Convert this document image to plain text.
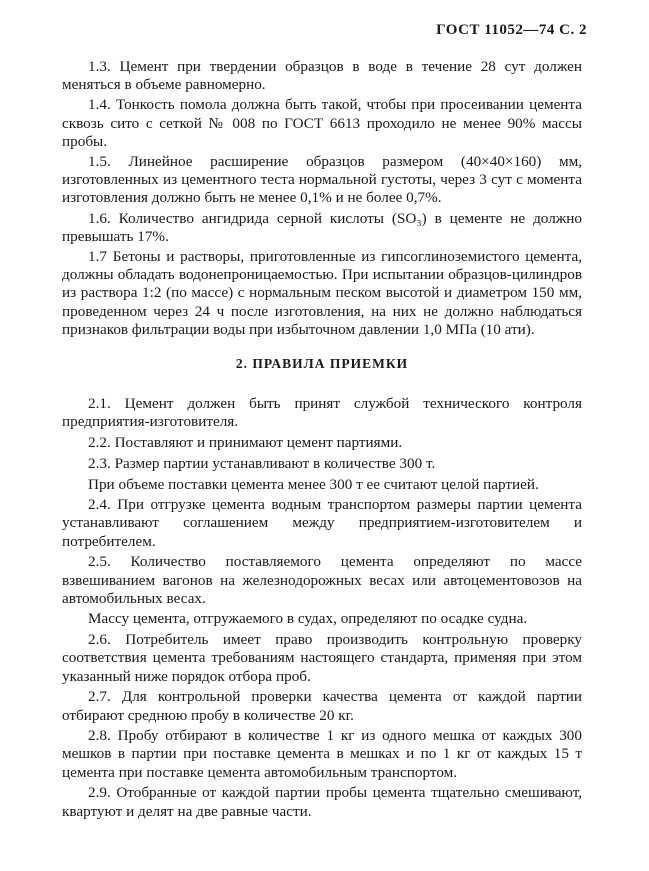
ГОСТ 11052—74 С. 2

1.3. Цемент при твердении образцов в воде в течение 28 сут должен меняться в объеме равномерно.

1.4. Тонкость помола должна быть такой, чтобы при просеивании цемента сквозь сито с сеткой № 008 по ГОСТ 6613 проходило не менее 90% массы пробы.

1.5. Линейное расширение образцов размером (40×40×160) мм, изготовленных из цементного теста нормальной густоты, через 3 сут с момента изготовления должно быть не менее 0,1% и не более 0,7%.

1.6. Количество ангидрида серной кислоты (SO₃) в цементе не должно превышать 17%.

1.7 Бетоны и растворы, приготовленные из гипсоглиноземистого цемента, должны обладать водонепроницаемостью. При испытании образцов-цилиндров из раствора 1:2 (по массе) с нормальным песком высотой и диаметром 150 мм, проведенном через 24 ч после изготовления, на них не должно наблюдаться признаков фильтрации воды при избыточном давлении 1,0 МПа (10 ати).

2. ПРАВИЛА ПРИЕМКИ

2.1. Цемент должен быть принят службой технического контроля предприятия-изготовителя.

2.2. Поставляют и принимают цемент партиями.

2.3. Размер партии устанавливают в количестве 300 т.

При объеме поставки цемента менее 300 т ее считают целой партией.

2.4. При отгрузке цемента водным транспортом размеры партии цемента устанавливают соглашением между предприятием-изготовителем и потребителем.

2.5. Количество поставляемого цемента определяют по массе взвешиванием вагонов на железнодорожных весах или автоцементовозов на автомобильных весах.

Массу цемента, отгружаемого в судах, определяют по осадке судна.

2.6. Потребитель имеет право производить контрольную проверку соответствия цемента требованиям настоящего стандарта, применяя при этом указанный ниже порядок отбора проб.

2.7. Для контрольной проверки качества цемента от каждой партии отбирают среднюю пробу в количестве 20 кг.

2.8. Пробу отбирают в количестве 1 кг из одного мешка от каждых 300 мешков в партии при поставке цемента в мешках и по 1 кг от каждых 15 т цемента при поставке цемента автомобильным транспортом.

2.9. Отобранные от каждой партии пробы цемента тщательно смешивают, квартуют и делят на две равные части.
